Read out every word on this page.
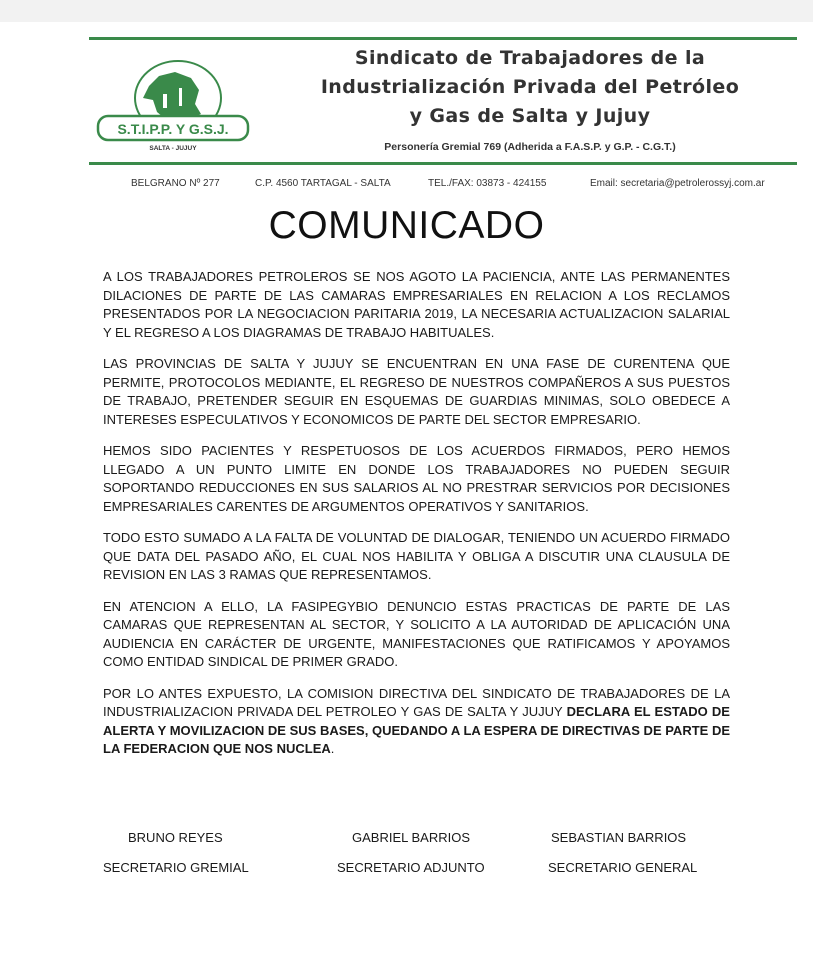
S.T.I.P.P. Y G.S.J.
SALTA - JUJUY
Sindicato de Trabajadores de la
Industrialización Privada del Petróleo
y Gas de Salta y Jujuy
Personería Gremial 769 (Adherida a F.A.S.P. y G.P. - C.G.T.)
BELGRANO Nº 277	C.P. 4560 TARTAGAL - SALTA	TEL./FAX: 03873 - 424155	Email: secretaria@petrolerossyj.com.ar
COMUNICADO

A LOS TRABAJADORES PETROLEROS SE NOS AGOTO LA PACIENCIA, ANTE LAS PERMANENTES DILACIONES DE PARTE DE LAS CAMARAS EMPRESARIALES EN RELACION A LOS RECLAMOS PRESENTADOS POR LA NEGOCIACION PARITARIA 2019, LA NECESARIA ACTUALIZACION SALARIAL Y EL REGRESO A LOS DIAGRAMAS DE TRABAJO HABITUALES.

LAS PROVINCIAS DE SALTA Y JUJUY SE ENCUENTRAN EN UNA FASE DE CURENTENA QUE PERMITE, PROTOCOLOS MEDIANTE, EL REGRESO DE NUESTROS COMPAÑEROS A SUS PUESTOS DE TRABAJO, PRETENDER SEGUIR EN ESQUEMAS DE GUARDIAS MINIMAS, SOLO OBEDECE A INTERESES ESPECULATIVOS Y ECONOMICOS DE PARTE DEL SECTOR EMPRESARIO.

HEMOS SIDO PACIENTES Y RESPETUOSOS DE LOS ACUERDOS FIRMADOS, PERO HEMOS LLEGADO A UN PUNTO LIMITE EN DONDE LOS TRABAJADORES NO PUEDEN SEGUIR SOPORTANDO REDUCCIONES EN SUS SALARIOS AL NO PRESTRAR SERVICIOS POR DECISIONES EMPRESARIALES CARENTES DE ARGUMENTOS OPERATIVOS Y SANITARIOS.

TODO ESTO SUMADO A LA FALTA DE VOLUNTAD DE DIALOGAR, TENIENDO UN ACUERDO FIRMADO QUE DATA DEL PASADO AÑO, EL CUAL NOS HABILITA Y OBLIGA A DISCUTIR UNA CLAUSULA DE REVISION EN LAS 3 RAMAS QUE REPRESENTAMOS.

EN ATENCION A ELLO, LA FASIPEGYBIO DENUNCIO ESTAS PRACTICAS DE PARTE DE LAS CAMARAS QUE REPRESENTAN AL SECTOR, Y SOLICITO A LA AUTORIDAD DE APLICACIÓN UNA AUDIENCIA EN CARÁCTER DE URGENTE, MANIFESTACIONES QUE RATIFICAMOS Y APOYAMOS COMO ENTIDAD SINDICAL DE PRIMER GRADO.

POR LO ANTES EXPUESTO, LA COMISION DIRECTIVA DEL SINDICATO DE TRABAJADORES DE LA INDUSTRIALIZACION PRIVADA DEL PETROLEO Y GAS DE SALTA Y JUJUY DECLARA EL ESTADO DE ALERTA Y MOVILIZACION DE SUS BASES, QUEDANDO A LA ESPERA DE DIRECTIVAS DE PARTE DE LA FEDERACION QUE NOS NUCLEA.

BRUNO REYES	GABRIEL BARRIOS	SEBASTIAN BARRIOS
SECRETARIO GREMIAL	SECRETARIO ADJUNTO	SECRETARIO GENERAL
